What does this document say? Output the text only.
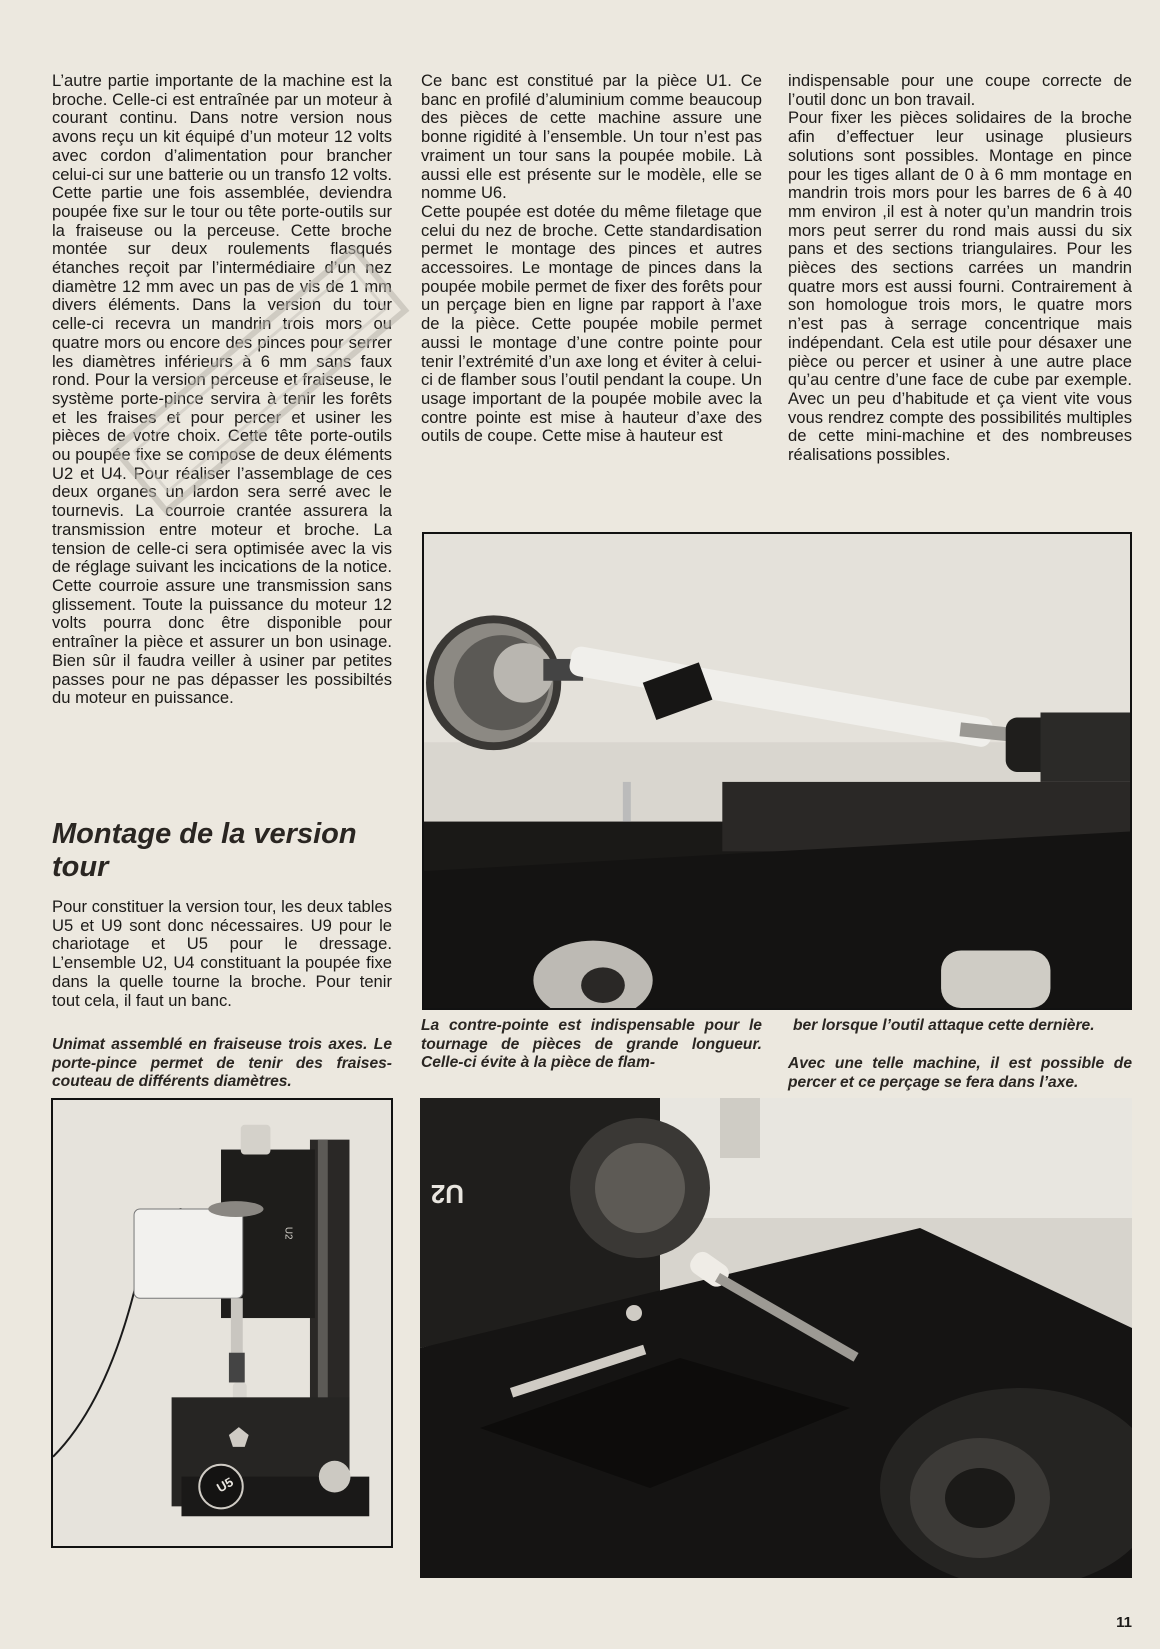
L’autre partie importante de la machine est la broche. Celle-ci est entraînée par un moteur à courant continu. Dans notre version nous avons reçu un kit équipé d’un moteur 12 volts avec cordon d’alimentation pour brancher celui-ci sur une batterie ou un transfo 12 volts. Cette partie une fois assemblée, deviendra poupée fixe sur le tour ou tête porte-outils sur la fraiseuse ou la perceuse. Cette broche montée sur deux roulements flasqués étanches reçoit par l’intermédiaire d’un nez diamètre 12 mm avec un pas de vis de 1 mm divers éléments. Dans la version du tour celle-ci recevra un mandrin trois mors ou quatre mors ou encore des pinces pour serrer les diamètres inférieurs à 6 mm sans faux rond. Pour la version perceuse et fraiseuse, le système porte-pince servira à tenir les forêts et les fraises et pour percer et usiner les pièces de votre choix. Cette tête porte-outils ou poupée fixe se compose de deux éléments U2 et U4. Pour réaliser l’assemblage de ces deux organes un lardon sera serré avec le tournevis. La courroie crantée assurera la transmission entre moteur et broche. La tension de celle-ci sera optimisée avec la vis de réglage suivant les incications de la notice. Cette courroie assure une transmission sans glissement. Toute la puissance du moteur 12 volts pourra donc être disponible pour entraîner la pièce et assurer un bon usinage. Bien sûr il faudra veiller à usiner par petites passes pour ne pas dépasser les possibiltés du moteur en puissance.

Montage de la version tour

Pour constituer la version tour, les deux tables U5 et U9 sont donc nécessaires. U9 pour le chariotage et U5 pour le dressage. L’ensemble U2, U4 constituant la poupée fixe dans la quelle tourne la broche. Pour tenir tout cela, il faut un banc.

Ce banc est constitué par la pièce U1. Ce banc en profilé d’aluminium comme beaucoup des pièces de cette machine assure une bonne rigidité à l’ensemble. Un tour n’est pas vraiment un tour sans la poupée mobile. Là aussi elle est présente sur le modèle, elle se nomme U6.

Cette poupée est dotée du même filetage que celui du nez de broche. Cette standardisation permet le montage des pinces et autres accessoires. Le montage de pinces dans la poupée mobile permet de fixer des forêts pour un perçage bien en ligne par rapport à l’axe de la pièce. Cette poupée mobile permet aussi le montage d’une contre pointe pour tenir l’extrémité d’un axe long et éviter à celui-ci de flamber sous l’outil pendant la coupe. Un usage important de la poupée mobile avec la contre pointe est mise à hauteur d’axe des outils de coupe. Cette mise à hauteur est

indispensable pour une coupe correcte de l’outil donc un bon travail.

Pour fixer les pièces solidaires de la broche afin d’effectuer leur usinage plusieurs solutions sont possibles. Montage en pince pour les tiges allant de 0 à 6 mm montage en mandrin trois mors pour les barres de 6 à 40 mm environ ,il est à noter qu’un mandrin trois mors peut serrer du rond mais aussi du six pans et des sections triangulaires. Pour les pièces des sections carrées un mandrin quatre mors est aussi fourni. Contrairement à son homologue trois mors, le quatre mors n’est pas à serrage concentrique mais indépendant. Cela est utile pour désaxer une pièce ou percer et usiner à une autre place qu’au centre d’une face de cube par exemple. Avec un peu d’habitude et ça vient vite vous vous rendrez compte des possibilités multiples de cette mini-machine et des nombreuses réalisations possibles.

Unimat assemblé en fraiseuse trois axes. Le porte-pince permet de tenir des fraises-couteau de différents diamètres.
La contre-pointe est indispensable pour le tournage de pièces de grande longueur. Celle-ci évite à la pièce de flam-
ber lorsque l’outil attaque cette dernière.
Avec une telle machine, il est possible de percer et ce perçage se fera dans l’axe.
U5
U2
U2
11
